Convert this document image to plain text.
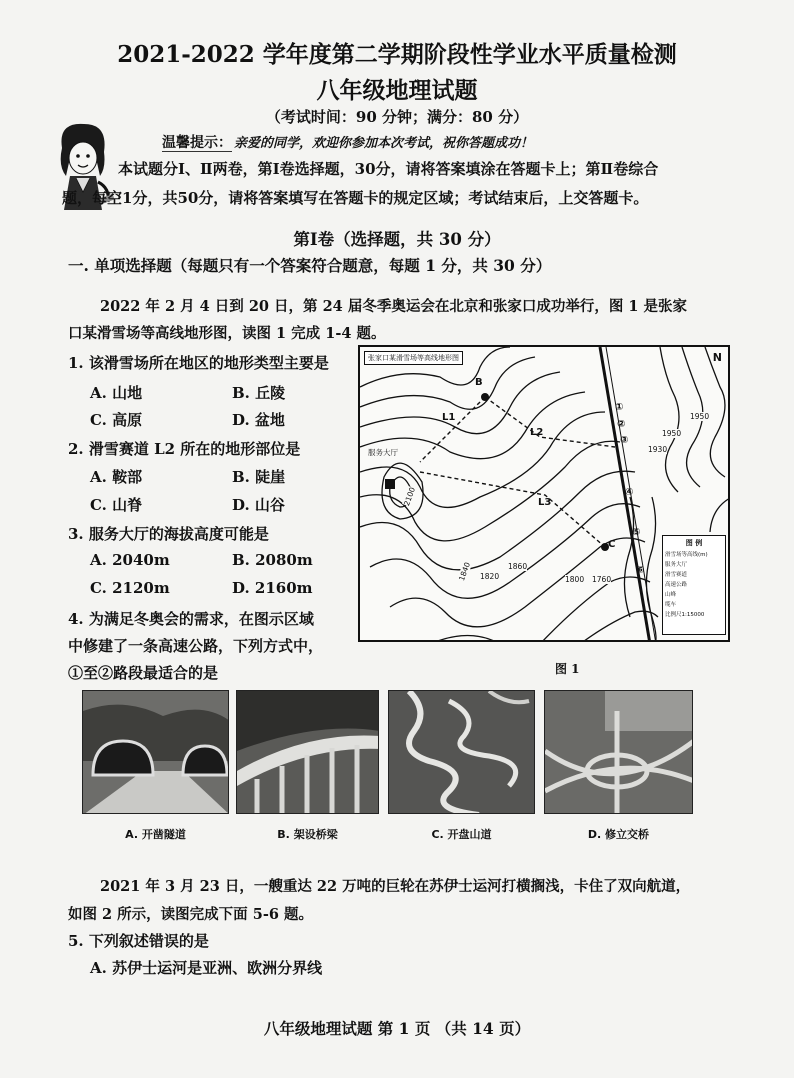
2021-2022 学年度第二学期阶段性学业水平质量检测
八年级地理试题
（考试时间：90 分钟；满分：80 分）
温馨提示： 亲爱的同学，欢迎你参加本次考试，祝你答题成功！
本试题分Ⅰ、Ⅱ两卷，第Ⅰ卷选择题，30分，请将答案填涂在答题卡上；第Ⅱ卷综合
题，每空1分，共50分，请将答案填写在答题卡的规定区域；考试结束后，上交答题卡。
第Ⅰ卷（选择题，共 30 分）
一. 单项选择题（每题只有一个答案符合题意，每题 1 分，共 30 分）
2022 年 2 月 4 日到 20 日，第 24 届冬季奥运会在北京和张家口成功举行，图 1 是张家
口某滑雪场等高线地形图，读图 1 完成 1-4 题。
1. 该滑雪场所在地区的地形类型主要是
A. 山地	B. 丘陵
C. 高原	D. 盆地
2. 滑雪赛道 L2 所在的地形部位是
A. 鞍部	B. 陡崖
C. 山脊	D. 山谷
3. 服务大厅的海拔高度可能是
A. 2040m	B. 2080m
C. 2120m	D. 2160m
4. 为满足冬奥会的需求，在图示区域
中修建了一条高速公路，下列方式中，
①至②路段最适合的是
张家口某滑雪场等高线地形图	N
B
C
L1
L2
L3
服务大厅
2100
1950
1950
1930
1840 1820
1860
1800 1760
①
②
③
④
⑤
⑥
图 例
滑雪场等高线(m)
服务大厅
滑雪赛道
高速公路
山峰
缆车
比例尺1:15000
图 1
A. 开凿隧道	B. 架设桥梁	C. 开盘山道	D. 修立交桥
2021 年 3 月 23 日，一艘重达 22 万吨的巨轮在苏伊士运河打横搁浅，卡住了双向航道，
如图 2 所示，读图完成下面 5-6 题。
5. 下列叙述错误的是
A. 苏伊士运河是亚洲、欧洲分界线
八年级地理试题 第 1 页 （共 14 页）
